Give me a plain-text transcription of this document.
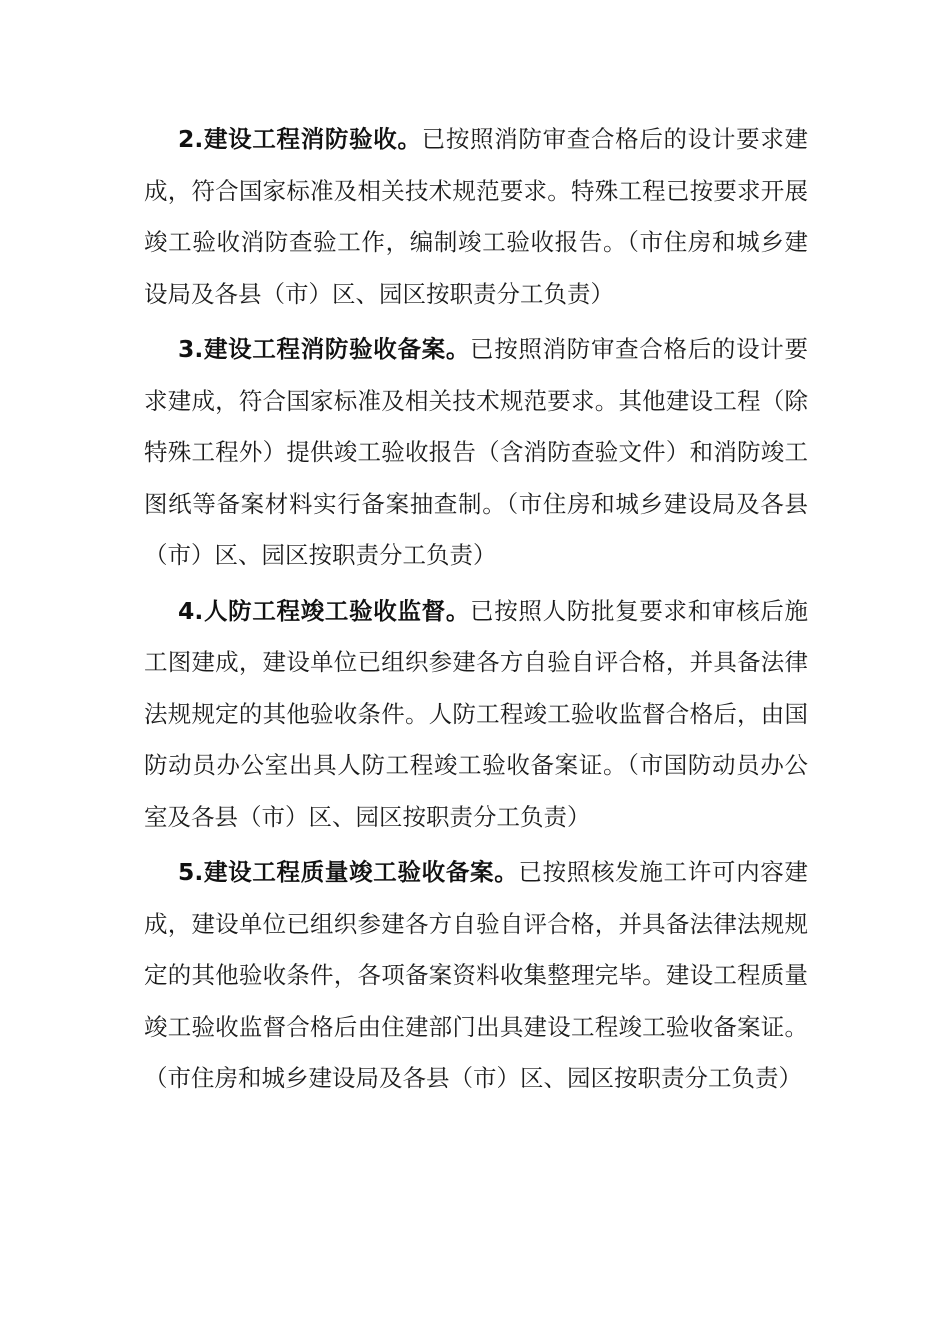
2.建设工程消防验收。已按照消防审查合格后的设计要求建成，符合国家标准及相关技术规范要求。特殊工程已按要求开展竣工验收消防查验工作，编制竣工验收报告。（市住房和城乡建设局及各县（市）区、园区按职责分工负责）

3.建设工程消防验收备案。已按照消防审查合格后的设计要求建成，符合国家标准及相关技术规范要求。其他建设工程（除特殊工程外）提供竣工验收报告（含消防查验文件）和消防竣工图纸等备案材料实行备案抽查制。（市住房和城乡建设局及各县（市）区、园区按职责分工负责）

4.人防工程竣工验收监督。已按照人防批复要求和审核后施工图建成，建设单位已组织参建各方自验自评合格，并具备法律法规规定的其他验收条件。人防工程竣工验收监督合格后，由国防动员办公室出具人防工程竣工验收备案证。（市国防动员办公室及各县（市）区、园区按职责分工负责）

5.建设工程质量竣工验收备案。已按照核发施工许可内容建成，建设单位已组织参建各方自验自评合格，并具备法律法规规定的其他验收条件，各项备案资料收集整理完毕。建设工程质量竣工验收监督合格后由住建部门出具建设工程竣工验收备案证。（市住房和城乡建设局及各县（市）区、园区按职责分工负责）
